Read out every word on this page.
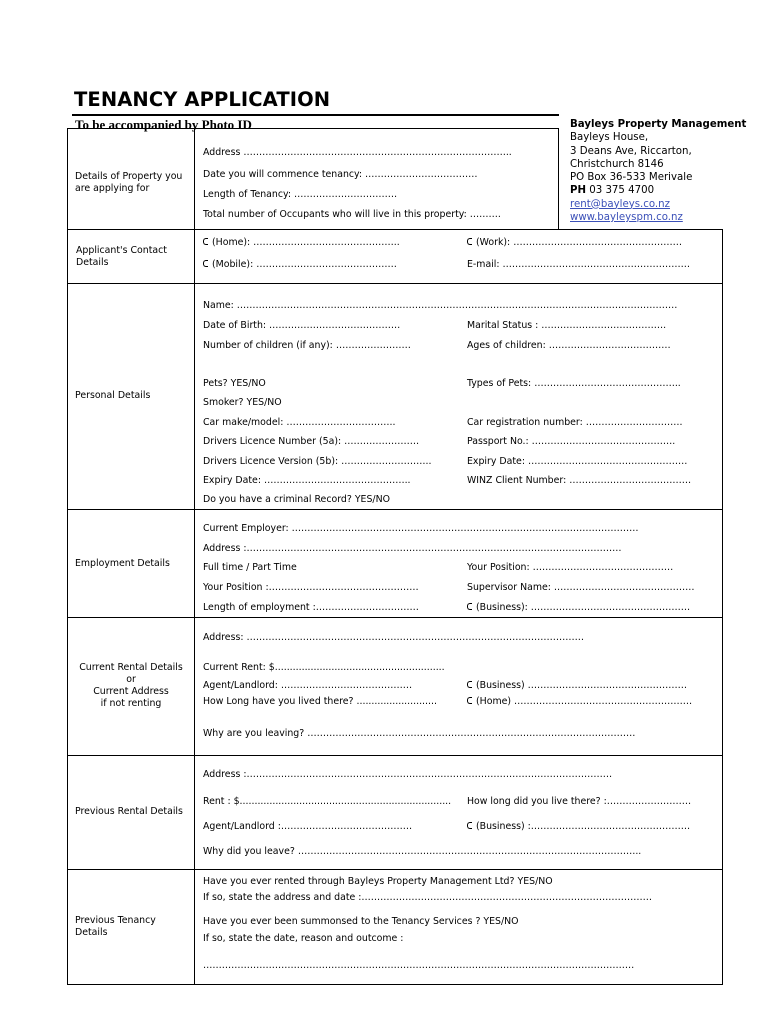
TENANCY APPLICATION
To be accompanied by Photo ID	Bayleys Property Management
Bayleys House,
3 Deans Ave, Riccarton,
Christchurch 8146
PO Box 36-533 Merivale
PH 03 375 4700
rent@bayleys.co.nz
www.bayleyspm.co.nz
Details of Property you
are applying for
Address …………………………………………………………………………..
Date you will commence tenancy: ………………………………
Length of Tenancy: ……………………………
Total number of Occupants who will live in this property: ……….
Applicant's Contact
Details
(Home): ………………………………………..	(Work): ………………………………………………
(Mobile): ………………………………………	E-mail: ……………………………………………………
Personal Details
Name: ……………………………………………………………………………………………………………………………
Date of Birth: ……………………………………	Marital Status : ………………………………….
Number of children (if any): ……………………	Ages of children: …………………………………
Pets? YES/NO	Types of Pets: ………………………………………..
Smoker? YES/NO
Car make/model: ……………………………..	Car registration number: ………………………….
Drivers Licence Number (5a): ……………………	Passport No.: ……………………………………….
Drivers Licence Version (5b): ………………………..	Expiry Date: ……………………………………………
Expiry Date: ………………………………………..	WINZ Client Number: …………………………………
Do you have a criminal Record? YES/NO
Employment Details
Current Employer: …………………………………………………………………………………………………
Address :…………………………………………………………………………………………………………
Full time / Part Time	Your Position: ………………………………………
Your Position :…………………………………………	Supervisor Name: ………………………………………
Length of employment :……………………………	(Business): ……………………………………………
Current Rental Details
or
Current Address
if not renting
Address: ………………………………………………………………………………………………
Current Rent: $.........................................................
Agent/Landlord: ……………………………………	(Business) ……………………………………………
How Long have you lived there? ...........................	(Home) …………………………………………………
Why are you leaving? ……………………………………………………………………………………………
Previous Rental Details
Address :………………………………………………………………………………………………………
Rent : $....................................................................... How long did you live there? :………………………
Agent/Landlord :……………………………………	(Business) :……………………………………………
Why did you leave? ………………………………………………………………………………………………..
Previous Tenancy
Details
Have you ever rented through Bayleys Property Management Ltd? YES/NO
If so, state the address and date :…………………………………………………………………………………
Have you ever been summonsed to the Tenancy Services ? YES/NO
If so, state the date, reason and outcome :
…………………………………………………………………………………………………………………………
